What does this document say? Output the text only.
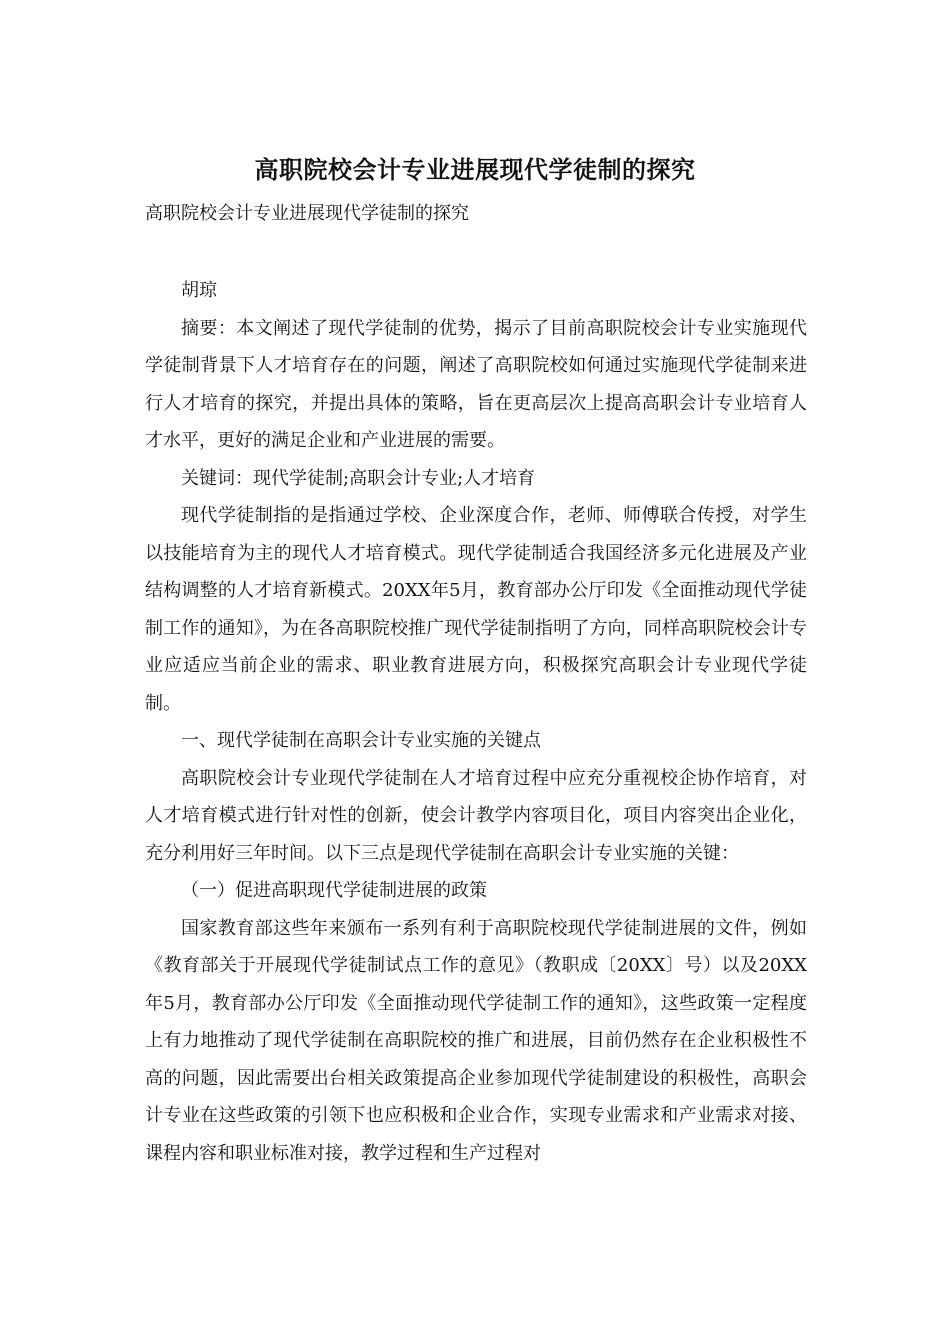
高职院校会计专业进展现代学徒制的探究
高职院校会计专业进展现代学徒制的探究

胡琼

摘要：本文阐述了现代学徒制的优势，揭示了目前高职院校会计专业实施现代学徒制背景下人才培育存在的问题，阐述了高职院校如何通过实施现代学徒制来进行人才培育的探究，并提出具体的策略，旨在更高层次上提高高职会计专业培育人才水平，更好的满足企业和产业进展的需要。

关键词：现代学徒制;高职会计专业;人才培育

现代学徒制指的是指通过学校、企业深度合作，老师、师傅联合传授，对学生以技能培育为主的现代人才培育模式。现代学徒制适合我国经济多元化进展及产业结构调整的人才培育新模式。20XX年5月，教育部办公厅印发《全面推动现代学徒制工作的通知》，为在各高职院校推广现代学徒制指明了方向，同样高职院校会计专业应适应当前企业的需求、职业教育进展方向，积极探究高职会计专业现代学徒制。

一、现代学徒制在高职会计专业实施的关键点

高职院校会计专业现代学徒制在人才培育过程中应充分重视校企协作培育，对人才培育模式进行针对性的创新，使会计教学内容项目化，项目内容突出企业化，充分利用好三年时间。以下三点是现代学徒制在高职会计专业实施的关键：

（一）促进高职现代学徒制进展的政策

国家教育部这些年来颁布一系列有利于高职院校现代学徒制进展的文件，例如《教育部关于开展现代学徒制试点工作的意见》（教职成〔20XX〕号）以及20XX年5月，教育部办公厅印发《全面推动现代学徒制工作的通知》，这些政策一定程度上有力地推动了现代学徒制在高职院校的推广和进展，目前仍然存在企业积极性不高的问题，因此需要出台相关政策提高企业参加现代学徒制建设的积极性，高职会计专业在这些政策的引领下也应积极和企业合作，实现专业需求和产业需求对接、课程内容和职业标准对接，教学过程和生产过程对
